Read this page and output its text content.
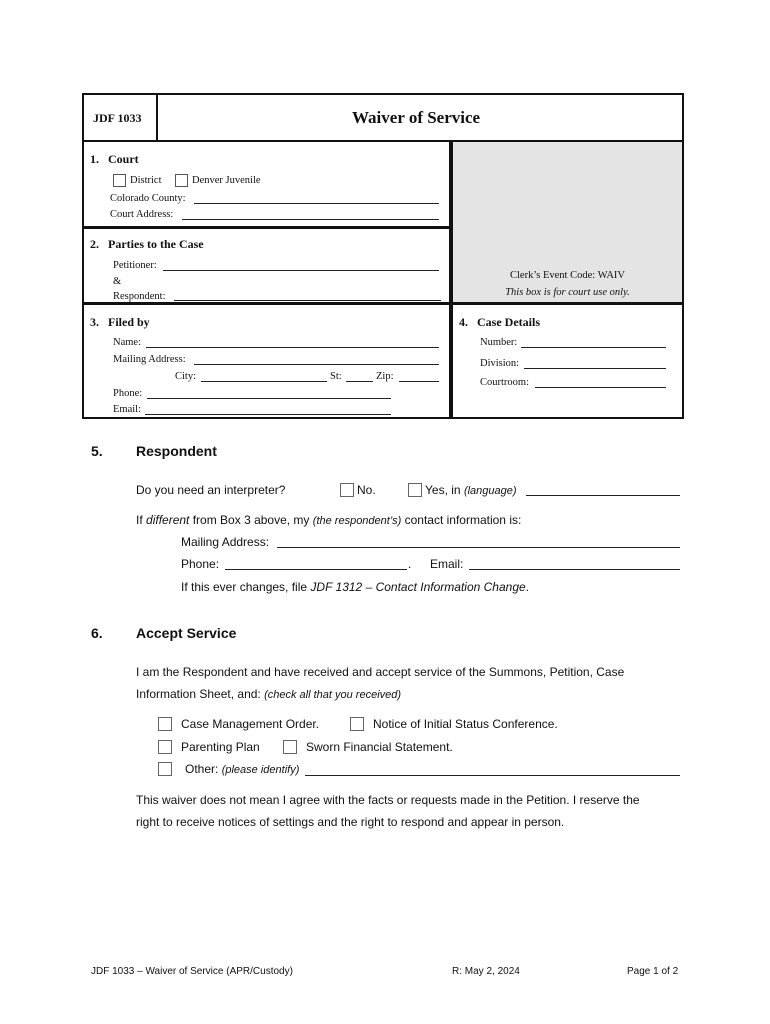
JDF 1033	Waiver of Service
1. Court
District	Denver Juvenile
Colorado County:
Court Address:
2. Parties to the Case
Petitioner:
&
Respondent:
Clerk’s Event Code: WAIV
This box is for court use only.
3. Filed by
Name:
Mailing Address:
City:	St:	Zip:
Phone:
Email:
4. Case Details
Number:
Division:
Courtroom:
5. Respondent
Do you need an interpreter?	No.	Yes, in (language)
If different from Box 3 above, my (the respondent’s) contact information is:
Mailing Address:
Phone:	. Email:
If this ever changes, file JDF 1312 – Contact Information Change.
6. Accept Service
I am the Respondent and have received and accept service of the Summons, Petition, Case
Information Sheet, and: (check all that you received)
Case Management Order.	Notice of Initial Status Conference.
Parenting Plan	Sworn Financial Statement.
Other: (please identify)
This waiver does not mean I agree with the facts or requests made in the Petition. I reserve the
right to receive notices of settings and the right to respond and appear in person.
JDF 1033 – Waiver of Service (APR/Custody)	R: May 2, 2024	Page 1 of 2
